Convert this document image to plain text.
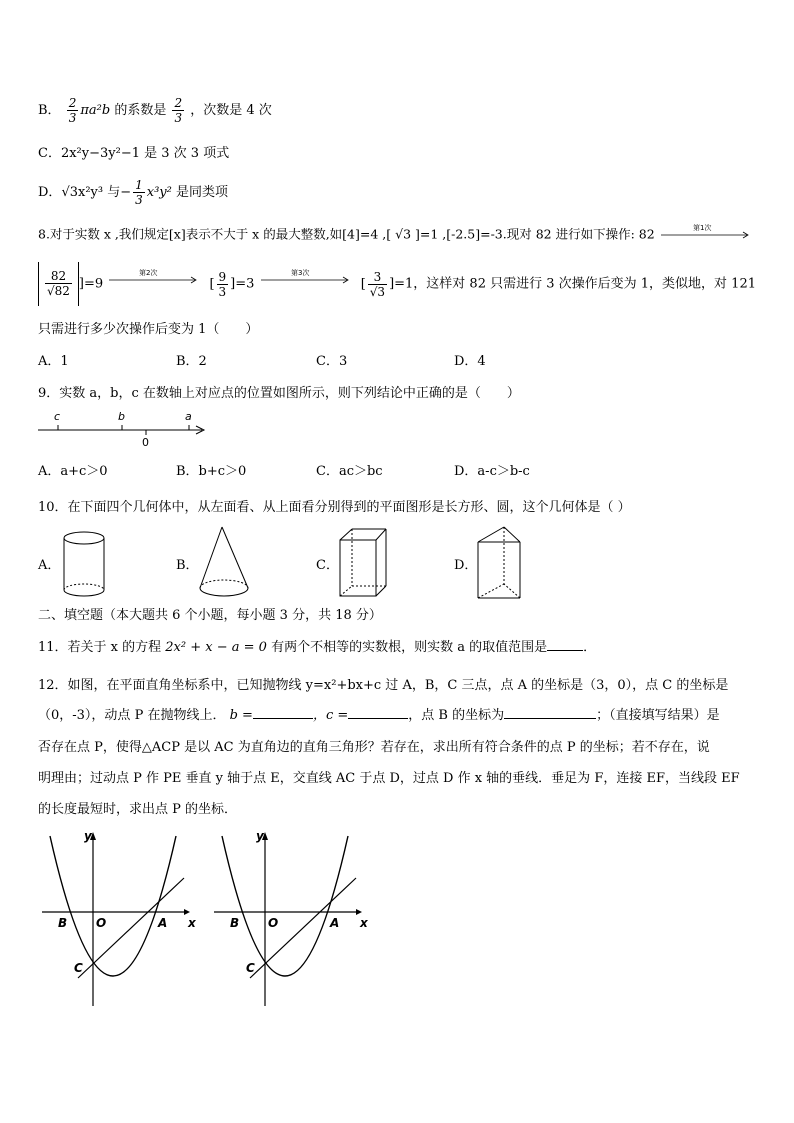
B． $\frac{2}{3} \pi a^2b$ 的系数是 $\frac{2}{3}$ ，次数是 4 次
C．2x²y−3y²−1 是 3 次 3 项式
D．√3x²y³ 与− $\frac{1}{3} x^3y^2$ 是同类项
8.对于实数 x ,我们规定[x]表示不大于 x 的最大整数,如[4]=4 ,[ √3 ]=1 ,[-2.5]=-3.现对 82 进行如下操作: 82	第1次
$\frac{82}{√82} ]=9$
第2次
[ $\frac{9}{3} ]=3$
第3次
[ $\frac{3}{√3} ]=1$，这样对 82 只需进行 3 次操作后变为 1，类似地，对 121
只需进行多少次操作后变为 1（　　）
A．1	B．2	C．3	D．4
9．实数 a，b，c 在数轴上对应点的位置如图所示，则下列结论中正确的是（　　）
c	b	a
0
A．a+c＞0	B．b+c＞0	C．ac＞bc	D．a-c＞b-c
10．在下面四个几何体中，从左面看、从上面看分别得到的平面图形是长方形、圆，这个几何体是（ ）
A．	B．	C．	D．
二、填空题（本大题共 6 个小题，每小题 3 分，共 18 分）
11．若关于 x 的方程 2x² + x − a = 0 有两个不相等的实数根，则实数 a 的取值范围是	．
12．如图，在平面直角坐标系中，已知抛物线 y=x²+bx+c 过 A，B，C 三点，点 A 的坐标是（3，0），点 C 的坐标是
（0，-3），动点 P 在抛物线上． b =	，c =	，点 B 的坐标为	；（直接填写结果）是
否存在点 P，使得△ACP 是以 AC 为直角边的直角三角形？若存在，求出所有符合条件的点 P 的坐标；若不存在，说
明理由；过动点 P 作 PE 垂直 y 轴于点 E，交直线 AC 于点 D，过点 D 作 x 轴的垂线．垂足为 F，连接 EF，当线段 EF
的长度最短时，求出点 P 的坐标．
y
x
B O	A
C
y
x
B O	A
C
